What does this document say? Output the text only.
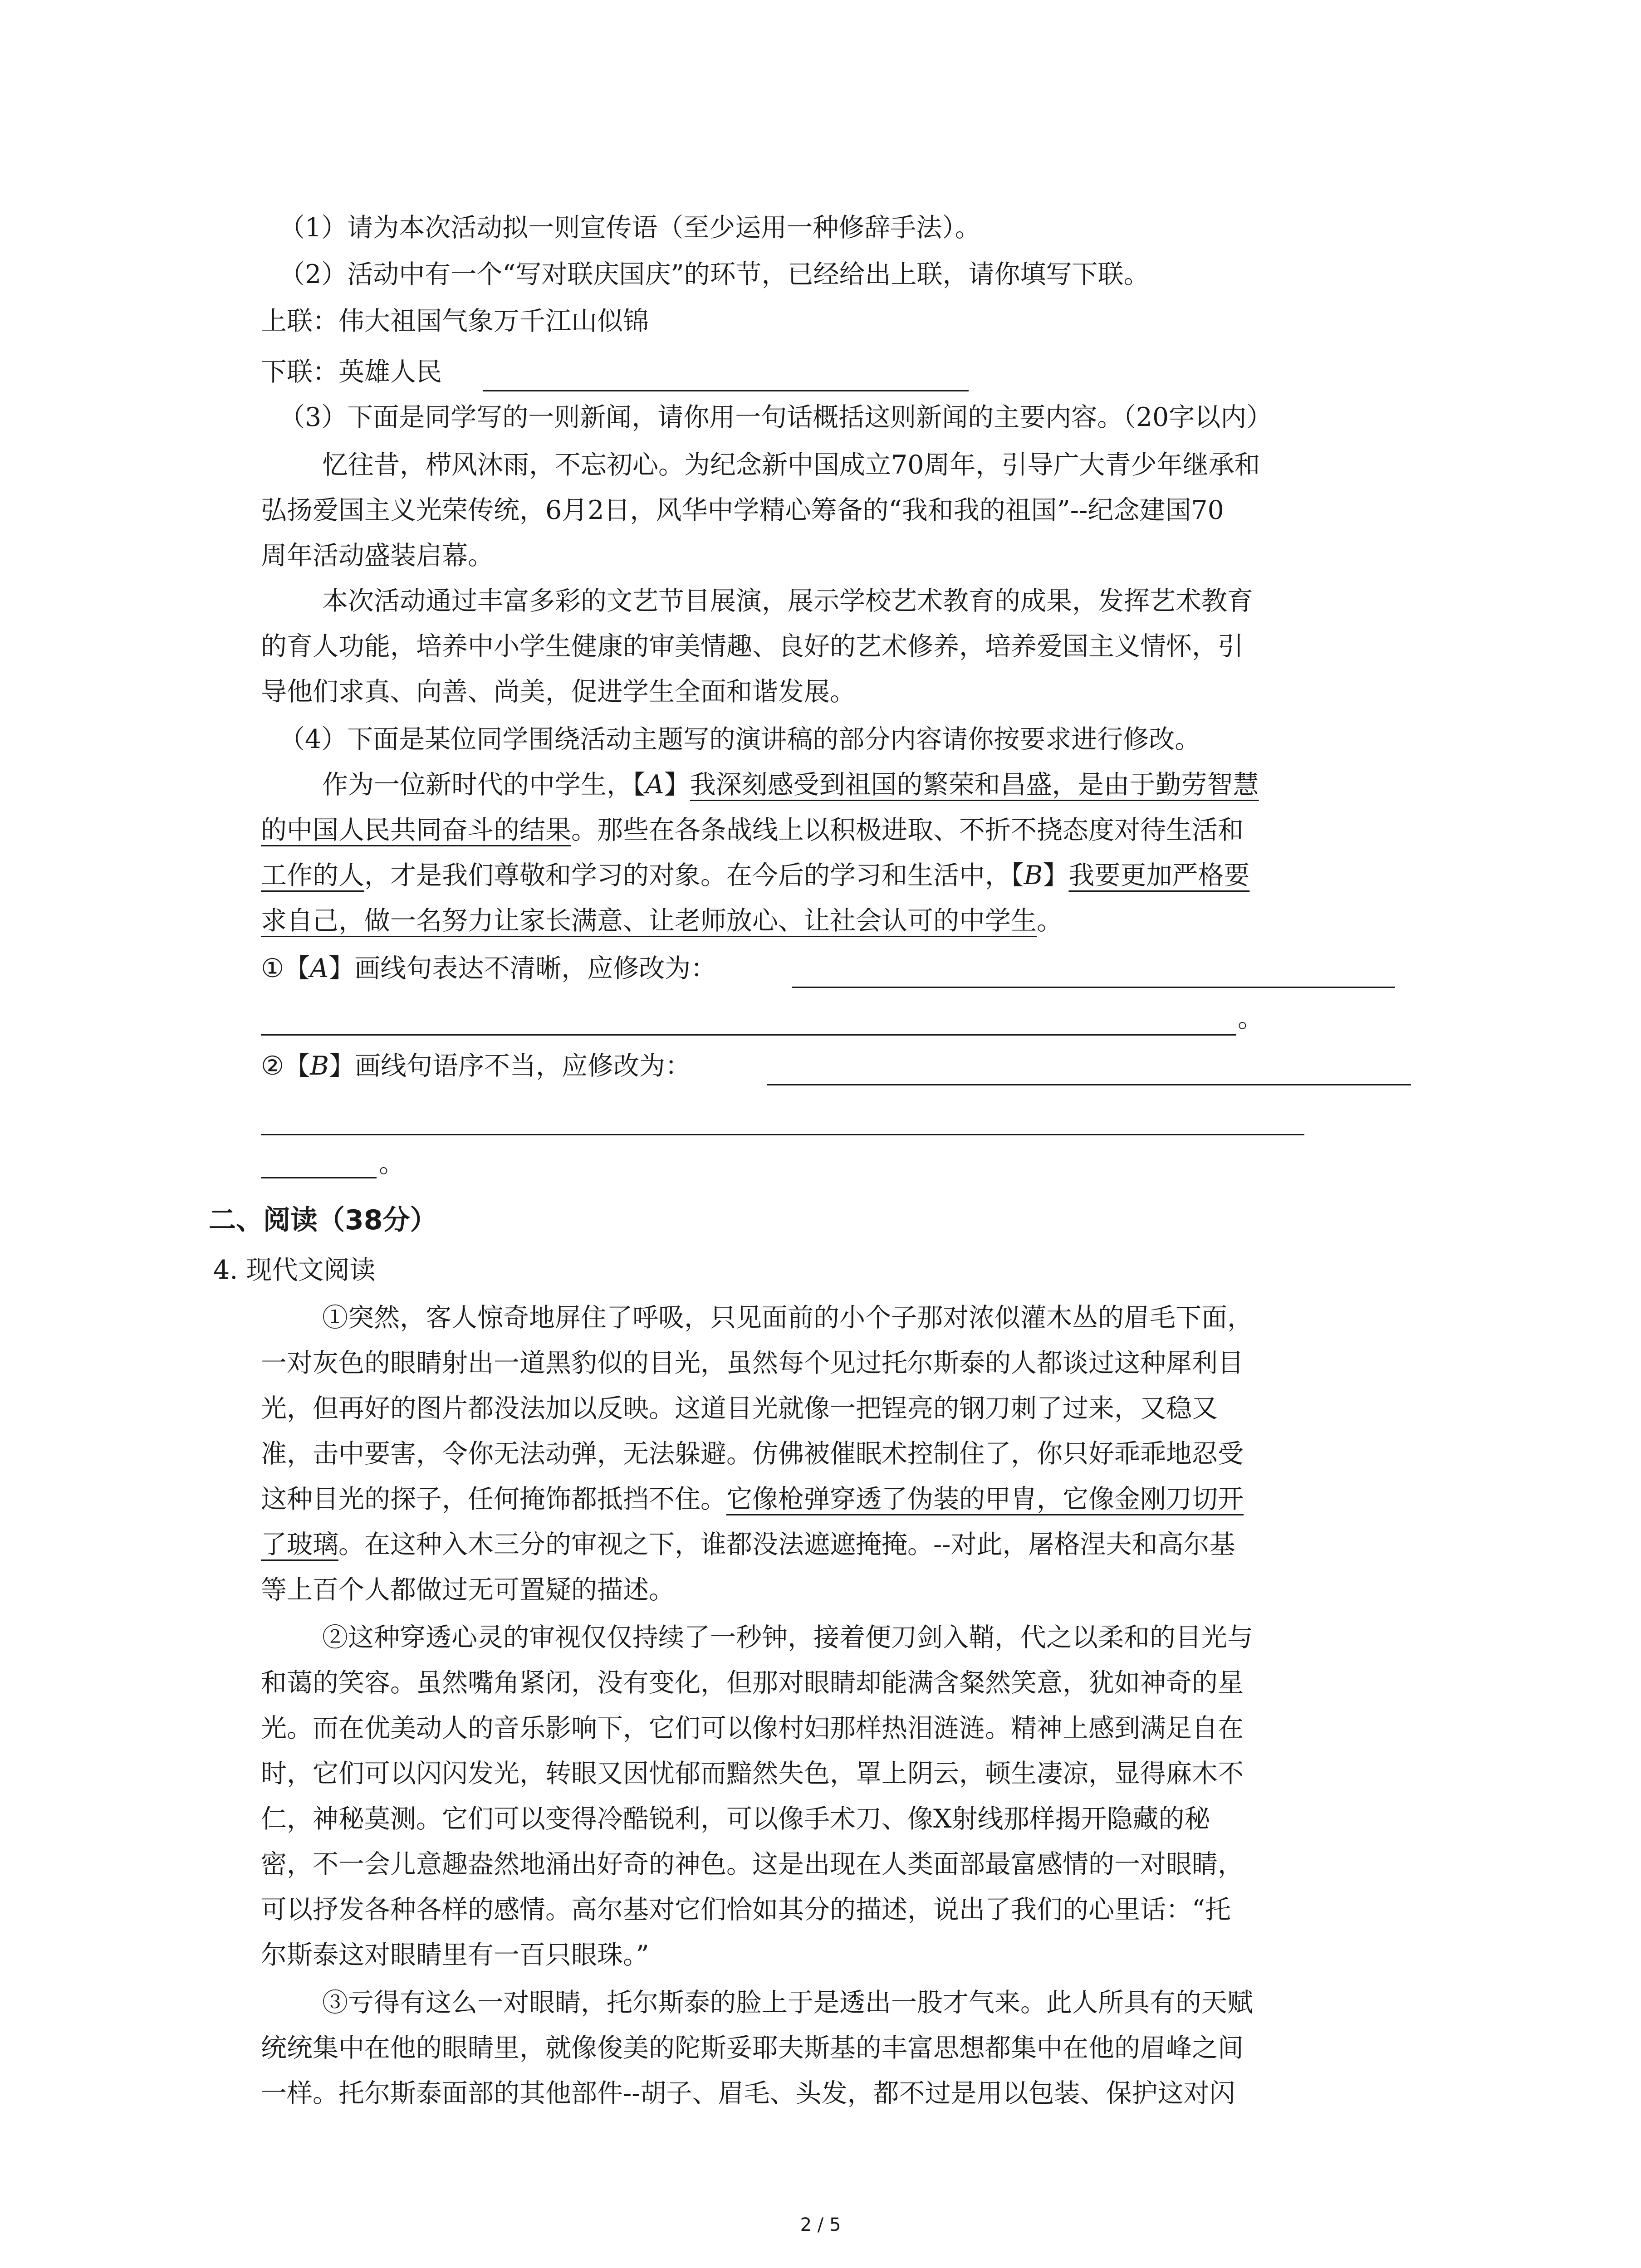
（1）请为本次活动拟一则宣传语（至少运用一种修辞手法）。
（2）活动中有一个“写对联庆国庆”的环节，已经给出上联，请你填写下联。
上联：伟大祖国气象万千江山似锦
下联：英雄人民
（3）下面是同学写的一则新闻，请你用一句话概括这则新闻的主要内容。（20字以内）
忆往昔，栉风沐雨，不忘初心。为纪念新中国成立70周年，引导广大青少年继承和
弘扬爱国主义光荣传统，6月2日，风华中学精心筹备的“我和我的祖国”--纪念建国70
周年活动盛装启幕。
本次活动通过丰富多彩的文艺节目展演，展示学校艺术教育的成果，发挥艺术教育
的育人功能，培养中小学生健康的审美情趣、良好的艺术修养，培养爱国主义情怀，引
导他们求真、向善、尚美，促进学生全面和谐发展。
（4）下面是某位同学围绕活动主题写的演讲稿的部分内容请你按要求进行修改。
作为一位新时代的中学生，【A】我深刻感受到祖国的繁荣和昌盛，是由于勤劳智慧
的中国人民共同奋斗的结果。那些在各条战线上以积极进取、不折不挠态度对待生活和
工作的人，才是我们尊敬和学习的对象。在今后的学习和生活中，【B】我要更加严格要
求自己，做一名努力让家长满意、让老师放心、让社会认可的中学生。
①【A】画线句表达不清晰，应修改为：
。
②【B】画线句语序不当，应修改为：
。
二、阅读（38分）
4. 现代文阅读
①突然，客人惊奇地屏住了呼吸，只见面前的小个子那对浓似灌木丛的眉毛下面，
一对灰色的眼睛射出一道黑豹似的目光，虽然每个见过托尔斯泰的人都谈过这种犀利目
光，但再好的图片都没法加以反映。这道目光就像一把锃亮的钢刀刺了过来，又稳又
准，击中要害，令你无法动弹，无法躲避。仿佛被催眠术控制住了，你只好乖乖地忍受
这种目光的探子，任何掩饰都抵挡不住。它像枪弹穿透了伪装的甲胄，它像金刚刀切开
了玻璃。在这种入木三分的审视之下，谁都没法遮遮掩掩。--对此，屠格涅夫和高尔基
等上百个人都做过无可置疑的描述。
②这种穿透心灵的审视仅仅持续了一秒钟，接着便刀剑入鞘，代之以柔和的目光与
和蔼的笑容。虽然嘴角紧闭，没有变化，但那对眼睛却能满含粲然笑意，犹如神奇的星
光。而在优美动人的音乐影响下，它们可以像村妇那样热泪涟涟。精神上感到满足自在
时，它们可以闪闪发光，转眼又因忧郁而黯然失色，罩上阴云，顿生凄凉，显得麻木不
仁，神秘莫测。它们可以变得冷酷锐利，可以像手术刀、像X射线那样揭开隐藏的秘
密，不一会儿意趣盎然地涌出好奇的神色。这是出现在人类面部最富感情的一对眼睛，
可以抒发各种各样的感情。高尔基对它们恰如其分的描述，说出了我们的心里话：“托
尔斯泰这对眼睛里有一百只眼珠。”
③亏得有这么一对眼睛，托尔斯泰的脸上于是透出一股才气来。此人所具有的天赋
统统集中在他的眼睛里，就像俊美的陀斯妥耶夫斯基的丰富思想都集中在他的眉峰之间
一样。托尔斯泰面部的其他部件--胡子、眉毛、头发，都不过是用以包装、保护这对闪
2 / 5
